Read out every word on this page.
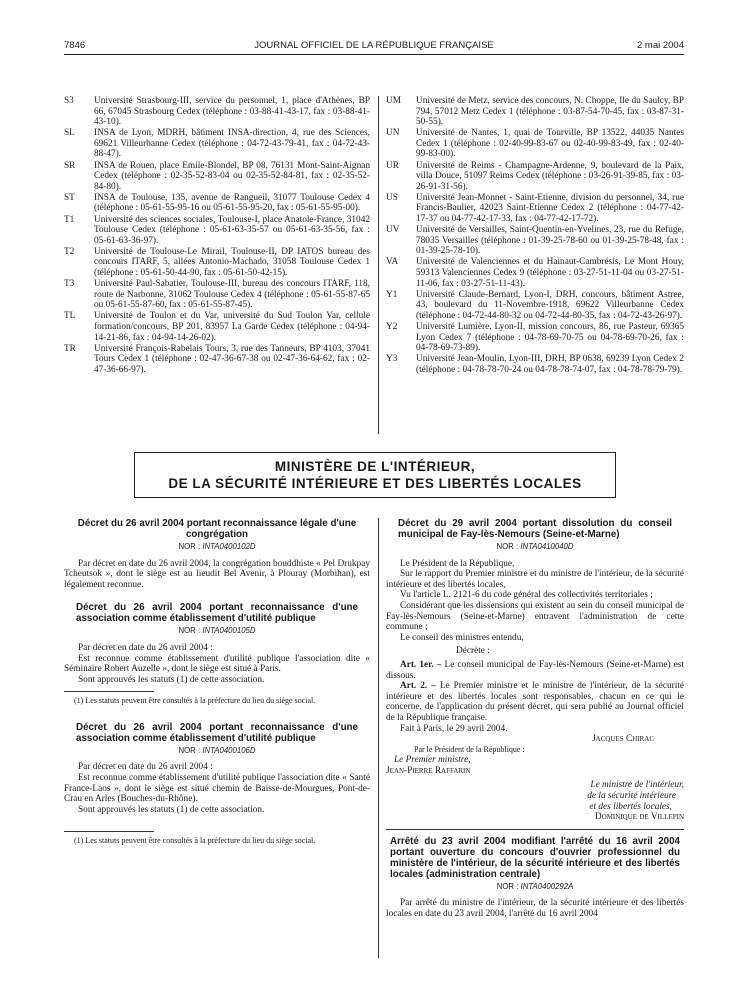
7846	JOURNAL OFFICIEL DE LA RÉPUBLIQUE FRANÇAISE	2 mai 2004
S3	Université Strasbourg-III, service du personnel, 1, place d'Athènes, BP 66, 67045 Strasbourg Cedex (téléphone : 03-88-41-43-17, fax : 03-88-41-43-10).
SL	INSA de Lyon, MDRH, bâtiment INSA-direction, 4, rue des Sciences, 69621 Villeurbanne Cedex (téléphone : 04-72-43-79-41, fax : 04-72-43-88-47).
SR	INSA de Rouen, place Emile-Blondel, BP 08, 76131 Mont-Saint-Aignan Cedex (téléphone : 02-35-52-83-04 ou 02-35-52-84-81, fax : 02-35-52-84-80).
ST	INSA de Toulouse, 135, avenue de Rangueil, 31077 Toulouse Cedex 4 (téléphone : 05-61-55-95-16 ou 05-61-55-95-20, fax : 05-61-55-95-00).
T1	Université des sciences sociales, Toulouse-I, place Anatole-France, 31042 Toulouse Cedex (téléphone : 05-61-63-35-57 ou 05-61-63-35-56, fax : 05-61-63-36-97).
T2	Université de Toulouse-Le Mirail, Toulouse-II, DP IATOS bureau des concours ITARF, 5, allées Antonio-Machado, 31058 Toulouse Cedex 1 (téléphone : 05-61-50-44-90, fax : 05-61-50-42-15).
T3	Université Paul-Sabatier, Toulouse-III, bureau des concours ITARF, 118, route de Narbonne, 31062 Toulouse Cedex 4 (téléphone : 05-61-55-87-65 ou 05-61-55-87-60, fax : 05-61-55-87-45).
TL	Université de Toulon et du Var, université du Sud Toulon Var, cellule formation/concours, BP 201, 83957 La Garde Cedex (téléphone : 04-94-14-21-86, fax : 04-94-14-26-02).
TR	Université François-Rabelais Tours, 3, rue des Tanneurs, BP 4103, 37041 Tours Cedex 1 (téléphone : 02-47-36-67-38 ou 02-47-36-64-62, fax : 02-47-36-66-97).
UM	Université de Metz, service des concours, N. Choppe, Ile du Saulcy, BP 794, 57012 Metz Cedex 1 (téléphone : 03-87-54-70-45, fax : 03-87-31-50-55).
UN	Université de Nantes, 1, quai de Tourville, BP 13522, 44035 Nantes Cedex 1 (téléphone : 02-40-99-83-67 ou 02-40-99-83-49, fax : 02-40-99-83-00).
UR	Université de Reims - Champagne-Ardenne, 9, boulevard de la Paix, villa Douce, 51097 Reims Cedex (téléphone : 03-26-91-39-85, fax : 03-26-91-31-56).
US	Université Jean-Monnet - Saint-Etienne, division du personnel, 34, rue Francis-Baulier, 42023 Saint-Etienne Cedex 2 (téléphone : 04-77-42-17-37 ou 04-77-42-17-33, fax : 04-77-42-17-72).
UV	Université de Versailles, Saint-Quentin-en-Yvelines, 23, rue du Refuge, 78035 Versailles (téléphone : 01-39-25-78-60 ou 01-39-25-78-48, fax : 01-39-25-78-10).
VA	Université de Valenciennes et du Hainaut-Cambrésis, Le Mont Houy, 59313 Valenciennes Cedex 9 (téléphone : 03-27-51-11-04 ou 03-27-51-11-06, fax : 03-27-51-11-43).
Y1	Université Claude-Bernard, Lyon-I, DRH, concours, bâtiment Astree, 43, boulevard du 11-Novembre-1918, 69622 Villeurbanne Cedex (téléphone : 04-72-44-80-32 ou 04-72-44-80-35, fax : 04-72-43-26-97).
Y2	Université Lumière, Lyon-II, mission concours, 86, rue Pasteur, 69365 Lyon Cedex 7 (téléphone : 04-78-69-70-75 ou 04-78-69-70-26, fax : 04-78-69-73-89).
Y3	Université Jean-Moulin, Lyon-III, DRH, BP 0638, 69239 Lyon Cedex 2 (téléphone : 04-78-78-70-24 ou 04-78-78-74-07, fax : 04-78-78-79-79).
MINISTÈRE DE L'INTÉRIEUR,
DE LA SÉCURITÉ INTÉRIEURE ET DES LIBERTÉS LOCALES
Décret du 26 avril 2004 portant reconnaissance légale d'une congrégation
NOR : INTA0400102D

Par décret en date du 26 avril 2004, la congrégation bouddhiste « Pel Drukpay Tcheutsok », dont le siège est au lieudit Bel Avenir, à Plouray (Morbihan), est légalement reconnue.

Décret du 26 avril 2004 portant reconnaissance d'une association comme établissement d'utilité publique
NOR : INTA0400105D

Par décret en date du 26 avril 2004 :

Est reconnue comme établissement d'utilité publique l'association dite « Séminaire Robert Auzelle », dont le siège est situé à Paris.

Sont approuvés les statuts (1) de cette association.

(1) Les statuts peuvent être consultés à la préfecture du lieu du siège social.

Décret du 26 avril 2004 portant reconnaissance d'une association comme établissement d'utilité publique
NOR : INTA0400106D

Par décret en date du 26 avril 2004 :

Est reconnue comme établissement d'utilité publique l'association dite « Santé France-Laos », dont le siège est situé chemin de Baisse-de-Mourgues, Pont-de-Crau en Arles (Bouches-du-Rhône).

Sont approuvés les statuts (1) de cette association.

(1) Les statuts peuvent être consultés à la préfecture du lieu du siège social.

Décret du 29 avril 2004 portant dissolution du conseil municipal de Fay-lès-Nemours (Seine-et-Marne)
NOR : INTA0410040D

Le Président de la République,

Sur le rapport du Premier ministre et du ministre de l'intérieur, de la sécurité intérieure et des libertés locales,

Vu l'article L. 2121-6 du code général des collectivités territoriales ;

Considérant que les dissensions qui existent au sein du conseil municipal de Fay-lès-Nemours (Seine-et-Marne) entravent l'administration de cette commune ;

Le conseil des ministres entendu,

Décrète :

Art. 1er. – Le conseil municipal de Fay-lès-Nemours (Seine-et-Marne) est dissous.

Art. 2. – Le Premier ministre et le ministre de l'intérieur, de la sécurité intérieure et des libertés locales sont responsables, chacun en ce qui le concerne, de l'application du présent décret, qui sera publié au Journal officiel de la République française.

Fait à Paris, le 29 avril 2004.

Jacques Chirac
Par le Président de la République :
Le Premier ministre,
Jean-Pierre Raffarin
Le ministre de l'intérieur,
de la sécurité intérieure
et des libertés locales,
Dominique de Villepin
Arrêté du 23 avril 2004 modifiant l'arrêté du 16 avril 2004 portant ouverture du concours d'ouvrier professionnel du ministère de l'intérieur, de la sécurité intérieure et des libertés locales (administration centrale)
NOR : INTA0400292A

Par arrêté du ministre de l'intérieur, de la sécurité intérieure et des libertés locales en date du 23 avril 2004, l'arrêté du 16 avril 2004
